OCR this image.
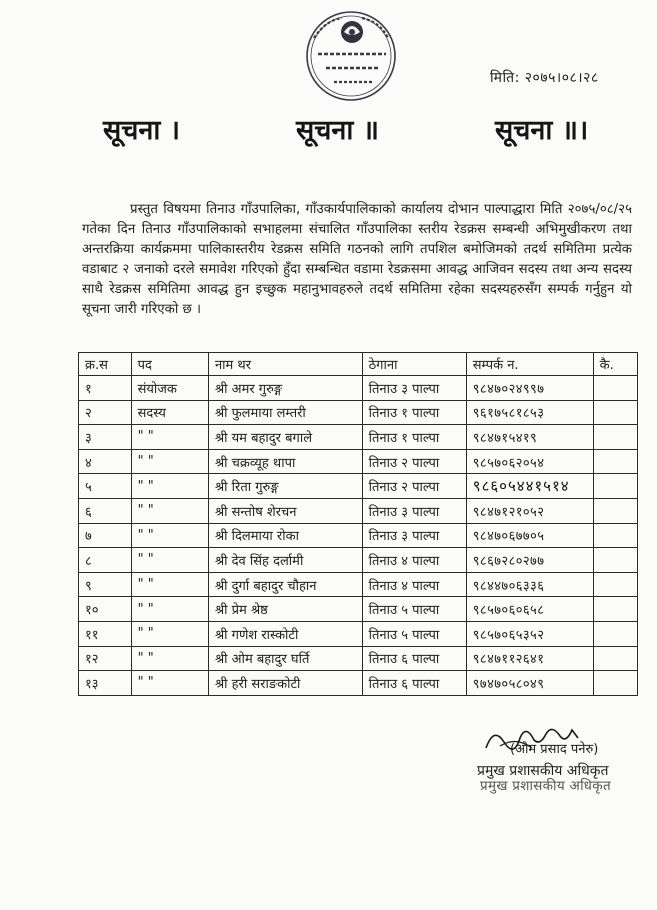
मिति: २०७५।०८।२८
सूचना ।	सूचना ॥	सूचना ॥।

प्रस्तुत विषयमा तिनाउ गाँउपालिका, गाँउकार्यपालिकाको कार्यालय दोभान पाल्पाद्धारा मिति २०७५/०८/२५ गतेका दिन तिनाउ गाँउपालिकाको सभाहलमा संचालित गाँउपालिका स्तरीय रेडक्रस सम्बन्धी अभिमुखीकरण तथा अन्तरक्रिया कार्यक्रममा पालिकास्तरीय रेडक्रस समिति गठनको लागि तपशिल बमोजिमको तदर्थ समितिमा प्रत्येक वडाबाट २ जनाको दरले समावेश गरिएको हुँदा सम्बन्धित वडामा रेडक्रसमा आवद्ध आजिवन सदस्य तथा अन्य सदस्य साथै रेडक्रस समितिमा आवद्ध हुन इच्छुक महानुभावहरुले तदर्थ समितिमा रहेका सदस्यहरुसँग सम्पर्क गर्नुहुन यो सूचना जारी गरिएको छ ।

क्र.स	पद	नाम थर	ठेगाना	सम्पर्क न.	कै.
१	संयोजक	श्री अमर गुरुङ्ग	तिनाउ ३ पाल्पा	९८४७०२४९९७	
२	सदस्य	श्री फुलमाया लम्तरी	तिनाउ १ पाल्पा	९६१७५८१८५३	
३	" "	श्री यम बहादुर बगाले	तिनाउ १ पाल्पा	९८४७१५४१९	
४	" "	श्री चक्रव्यूह थापा	तिनाउ २ पाल्पा	९८५७०६२०५४	
५	" "	श्री रिता गुरुङ्ग	तिनाउ २ पाल्पा	९८६०५४४१५१४	
६	" "	श्री सन्तोष शेरचन	तिनाउ ३ पाल्पा	९८४७१२१०५२	
७	" "	श्री दिलमाया रोका	तिनाउ ३ पाल्पा	९८४७०६७७०५	
८	" "	श्री देव सिंह दर्लामी	तिनाउ ४ पाल्पा	९८६७२८०२७७	
९	" "	श्री दुर्गा बहादुर चौहान	तिनाउ ४ पाल्पा	९८४४७०६३३६	
१०	" "	श्री प्रेम श्रेष्ठ	तिनाउ ५ पाल्पा	९८५७०६०६५८	
११	" "	श्री गणेश रास्कोटी	तिनाउ ५ पाल्पा	९८५७०६५३५२	
१२	" "	श्री ओम बहादुर घर्ति	तिनाउ ६ पाल्पा	९८४७११२६४१	
१३	" "	श्री हरी सराङकोटी	तिनाउ ६ पाल्पा	९७४७०५८०४९	
(ओम प्रसाद पनेरु)
प्रमुख प्रशासकीय अधिकृत
प्रमुख प्रशासकीय अधिकृत
